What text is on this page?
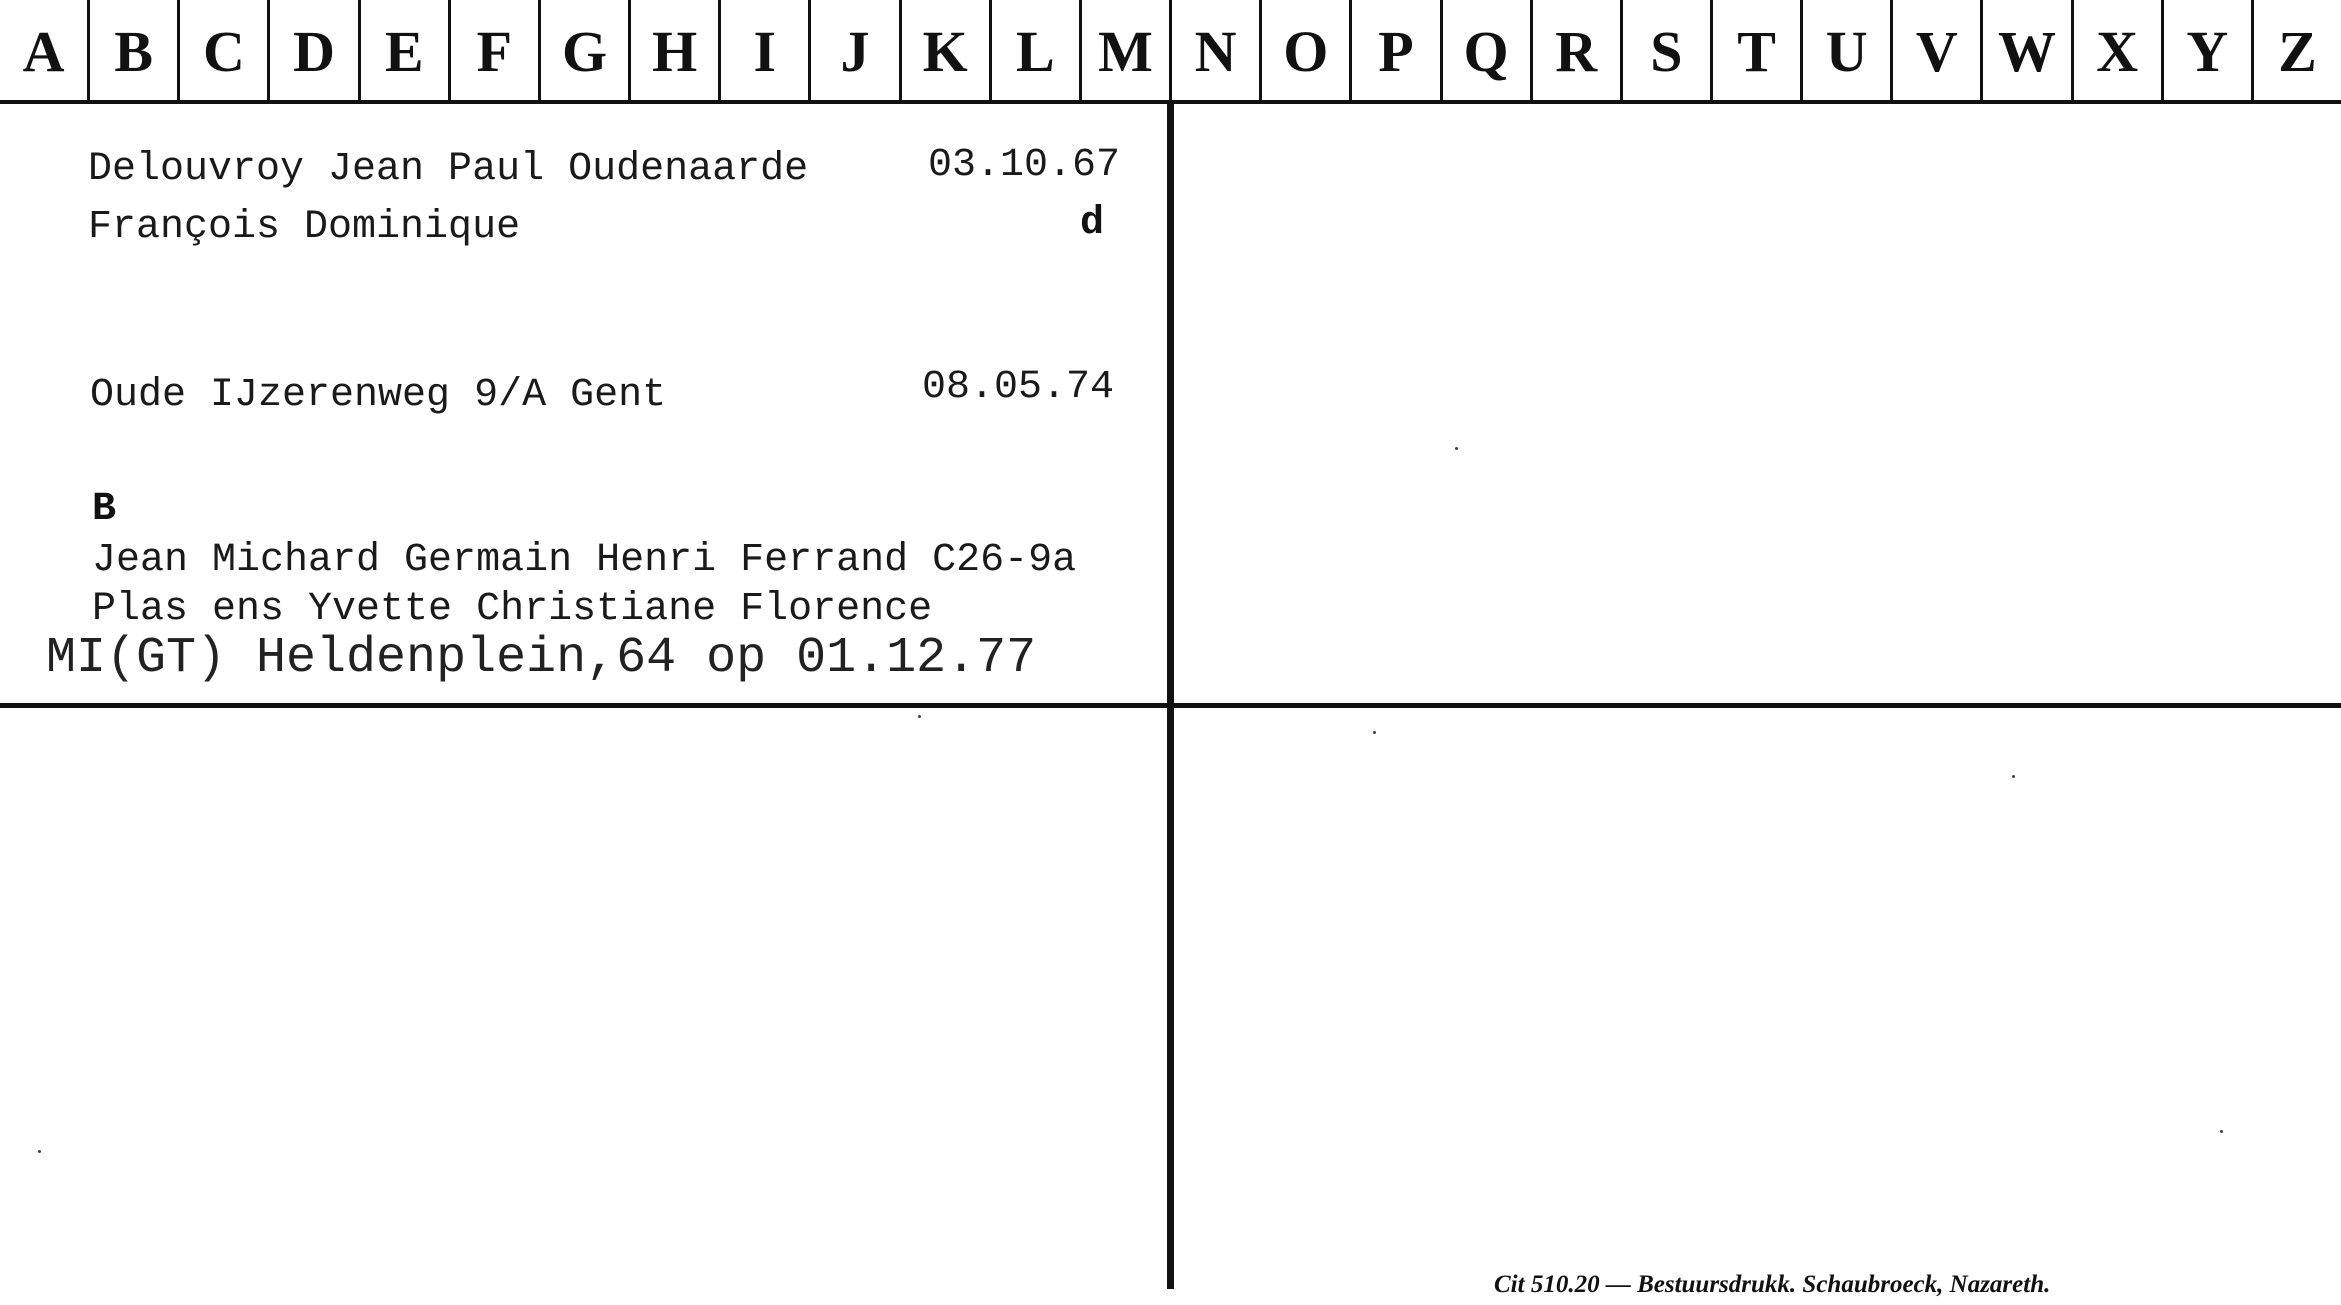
A B C D E F G H I	J K L M N O P Q R S T U V W X Y Z
Delouvroy Jean Paul Oudenaarde	03.10.67
François Dominique	d
Oude IJzerenweg 9/A Gent	08.05.74
B
Jean Michard Germain Henri Ferrand C26-9a
Plas ens Yvette Christiane Florence
MI(GT) Heldenplein,64 op 01.12.77
Cit 510.20 — Bestuursdrukk. Schaubroeck, Nazareth.
